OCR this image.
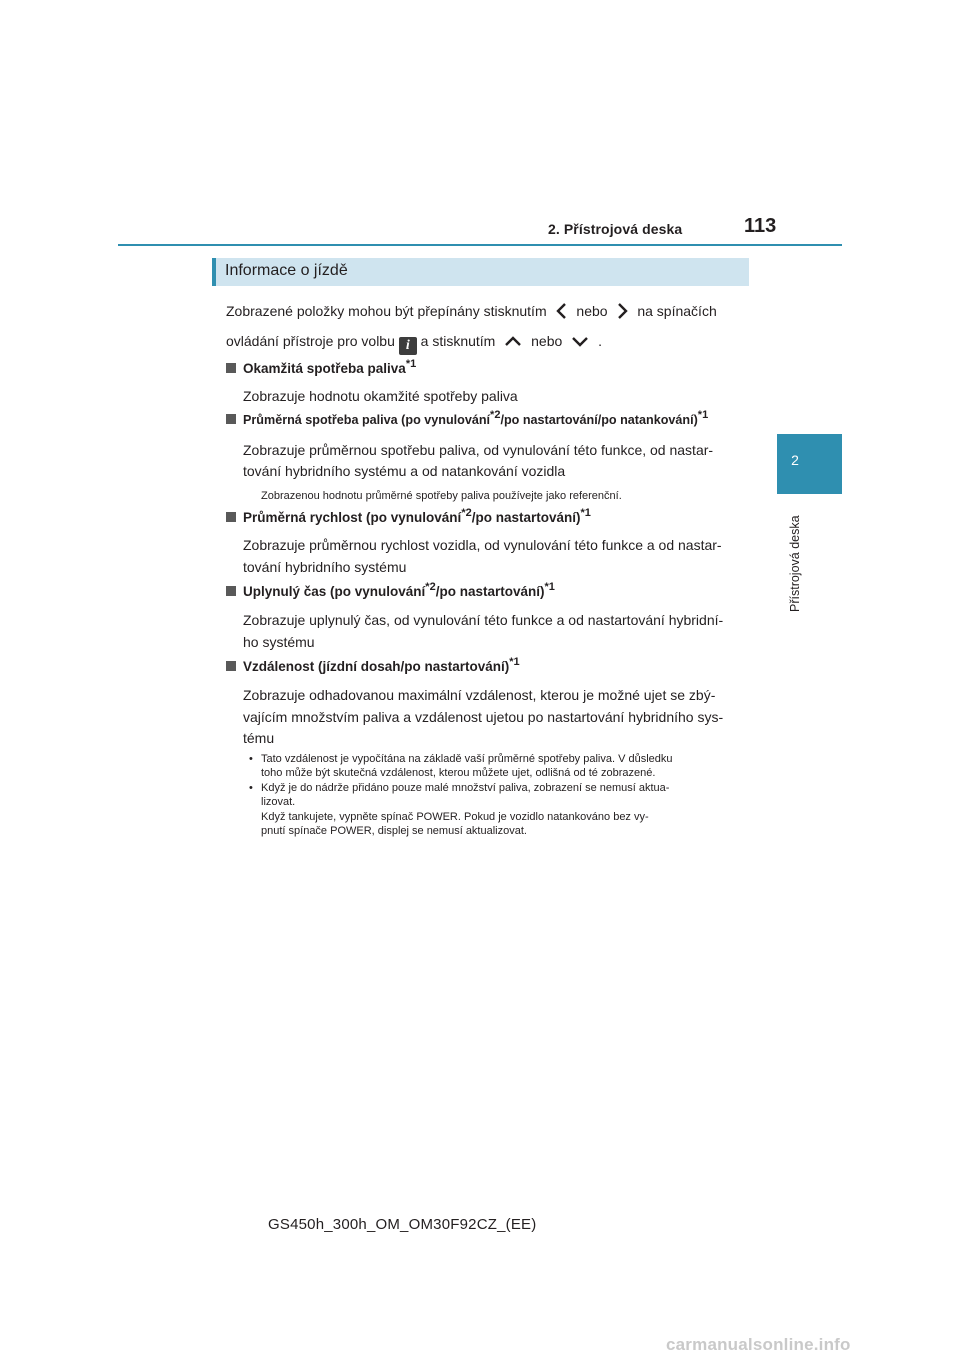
2. Přístrojová deska	113
2
Přístrojová deska
Informace o jízdě
Zobrazené položky mohou být přepínány stisknutím nebo na spínačích
ovládání přístroje pro volbu i a stisknutím	nebo	.
Okamžitá spotřeba paliva$^{*1}$
Zobrazuje hodnotu okamžité spotřeby paliva
Průměrná spotřeba paliva (po vynulování$^{*2}$/po nastartování/po natankování)$^{*1}$
Zobrazuje průměrnou spotřebu paliva, od vynulování této funkce, od nastar-
tování hybridního systému a od natankování vozidla
Zobrazenou hodnotu průměrné spotřeby paliva používejte jako referenční.
Průměrná rychlost (po vynulování$^{*2}$/po nastartování)$^{*1}$
Zobrazuje průměrnou rychlost vozidla, od vynulování této funkce a od nastar-
tování hybridního systému
Uplynulý čas (po vynulování$^{*2}$/po nastartování)$^{*1}$
Zobrazuje uplynulý čas, od vynulování této funkce a od nastartování hybridní-
ho systému
Vzdálenost (jízdní dosah/po nastartování)$^{*1}$
Zobrazuje odhadovanou maximální vzdálenost, kterou je možné ujet se zbý-
vajícím množstvím paliva a vzdálenost ujetou po nastartování hybridního sys-
tému
• Tato vzdálenost je vypočítána na základě vaší průměrné spotřeby paliva. V důsledku
toho může být skutečná vzdálenost, kterou můžete ujet, odlišná od té zobrazené.
• Když je do nádrže přidáno pouze malé množství paliva, zobrazení se nemusí aktua-
lizovat.
Když tankujete, vypněte spínač POWER. Pokud je vozidlo natankováno bez vy-
pnutí spínače POWER, displej se nemusí aktualizovat.
GS450h_300h_OM_OM30F92CZ_(EE)
carmanualsonline.info
